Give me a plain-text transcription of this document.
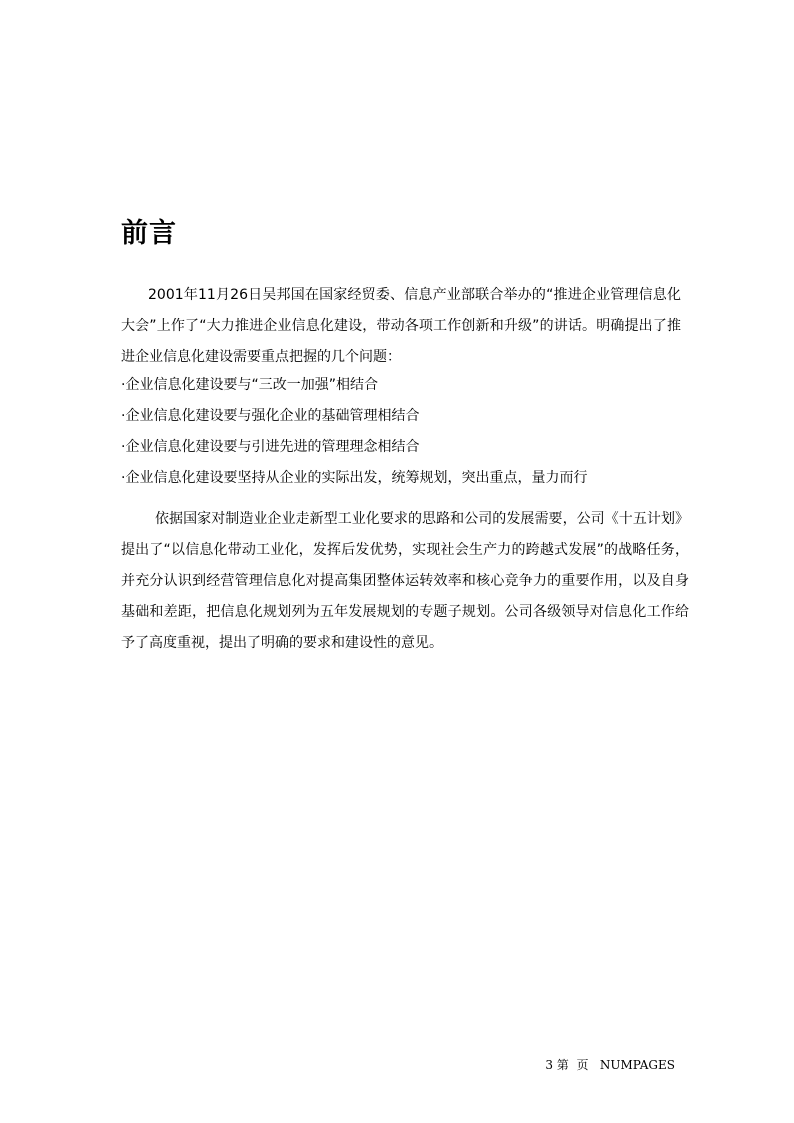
前言

2001年11月26日吴邦国在国家经贸委、信息产业部联合举办的“推进企业管理信息化大会”上作了“大力推进企业信息化建设，带动各项工作创新和升级”的讲话。明确提出了推进企业信息化建设需要重点把握的几个问题：

·企业信息化建设要与“三改一加强”相结合
·企业信息化建设要与强化企业的基础管理相结合
·企业信息化建设要与引进先进的管理理念相结合
·企业信息化建设要坚持从企业的实际出发，统筹规划，突出重点，量力而行

依据国家对制造业企业走新型工业化要求的思路和公司的发展需要，公司《十五计划》提出了“以信息化带动工业化，发挥后发优势，实现社会生产力的跨越式发展”的战略任务，并充分认识到经营管理信息化对提高集团整体运转效率和核心竞争力的重要作用，以及自身基础和差距，把信息化规划列为五年发展规划的专题子规划。公司各级领导对信息化工作给予了高度重视，提出了明确的要求和建设性的意见。

3 第  页   NUMPAGES
